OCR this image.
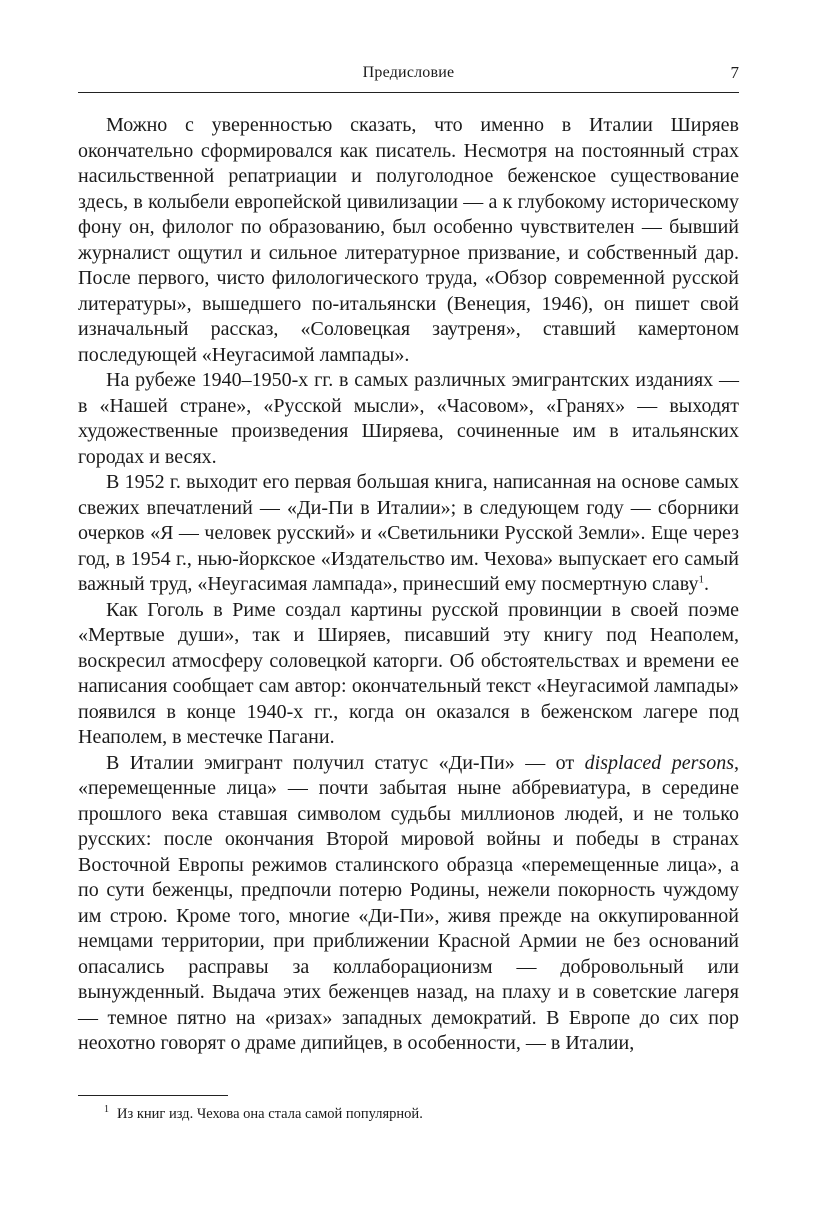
Предисловие	7

Можно с уверенностью сказать, что именно в Италии Ширяев окончательно сформировался как писатель. Несмотря на постоянный страх насильственной репатриации и полуголодное беженское существование здесь, в колыбели европейской цивилизации — а к глубокому историческому фону он, филолог по образованию, был особенно чувствителен — бывший журналист ощутил и сильное литературное призвание, и собственный дар. После первого, чисто филологического труда, «Обзор современной русской литературы», вышедшего по-итальянски (Венеция, 1946), он пишет свой изначальный рассказ, «Соловецкая заутреня», ставший камертоном последующей «Неугасимой лампады».

На рубеже 1940–1950-х гг. в самых различных эмигрантских изданиях — в «Нашей стране», «Русской мысли», «Часовом», «Гранях» — выходят художественные произведения Ширяева, сочиненные им в итальянских городах и весях.

В 1952 г. выходит его первая большая книга, написанная на основе самых свежих впечатлений — «Ди-Пи в Италии»; в следующем году — сборники очерков «Я — человек русский» и «Светильники Русской Земли». Еще через год, в 1954 г., нью-йоркское «Издательство им. Чехова» выпускает его самый важный труд, «Неугасимая лампада», принесший ему посмертную славу$^1$.

Как Гоголь в Риме создал картины русской провинции в своей поэме «Мертвые души», так и Ширяев, писавший эту книгу под Неаполем, воскресил атмосферу соловецкой каторги. Об обстоятельствах и времени ее написания сообщает сам автор: окончательный текст «Неугасимой лампады» появился в конце 1940-х гг., когда он оказался в беженском лагере под Неаполем, в местечке Пагани.

В Италии эмигрант получил статус «Ди-Пи» — от displaced persons, «перемещенные лица» — почти забытая ныне аббревиатура, в середине прошлого века ставшая символом судьбы миллионов людей, и не только русских: после окончания Второй мировой войны и победы в странах Восточной Европы режимов сталинского образца «перемещенные лица», а по сути беженцы, предпочли потерю Родины, нежели покорность чуждому им строю. Кроме того, многие «Ди-Пи», живя прежде на оккупированной немцами территории, при приближении Красной Армии не без оснований опасались расправы за коллаборационизм — добровольный или вынужденный. Выдача этих беженцев назад, на плаху и в советские лагеря — темное пятно на «ризах» западных демократий. В Европе до сих пор неохотно говорят о драме дипийцев, в особенности, — в Италии,

$^1$ Из книг изд. Чехова она стала самой популярной.
